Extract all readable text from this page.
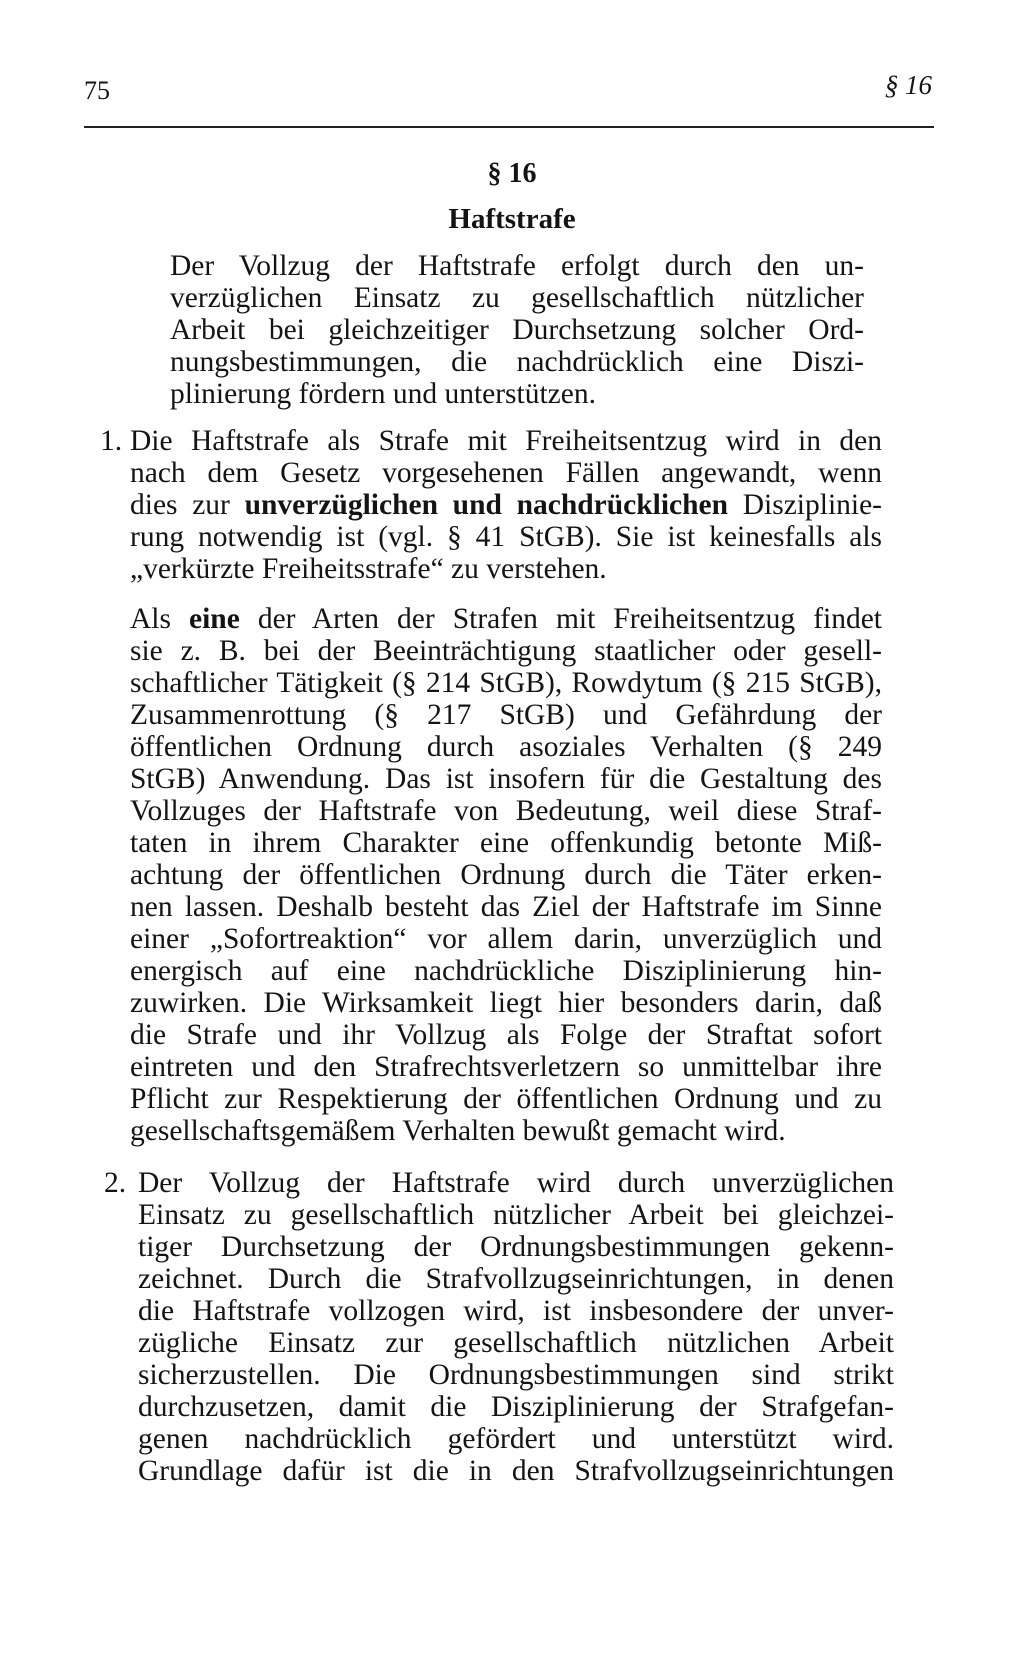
75	§ 16
§ 16
Haftstrafe
Der Vollzug der Haftstrafe erfolgt durch den un-
verzüglichen Einsatz zu gesellschaftlich nützlicher
Arbeit bei gleichzeitiger Durchsetzung solcher Ord-
nungsbestimmungen, die nachdrücklich eine Diszi-
plinierung fördern und unterstützen.
1. Die Haftstrafe als Strafe mit Freiheitsentzug wird in den
nach dem Gesetz vorgesehenen Fällen angewandt, wenn
dies zur unverzüglichen und nachdrücklichen Disziplinie-
rung notwendig ist (vgl. § 41 StGB). Sie ist keinesfalls als
„verkürzte Freiheitsstrafe“ zu verstehen.

Als eine der Arten der Strafen mit Freiheitsentzug findet
sie z. B. bei der Beeinträchtigung staatlicher oder gesell-
schaftlicher Tätigkeit (§ 214 StGB), Rowdytum (§ 215 StGB),
Zusammenrottung (§ 217 StGB) und Gefährdung der
öffentlichen Ordnung durch asoziales Verhalten (§ 249
StGB) Anwendung. Das ist insofern für die Gestaltung des
Vollzuges der Haftstrafe von Bedeutung, weil diese Straf-
taten in ihrem Charakter eine offenkundig betonte Miß-
achtung der öffentlichen Ordnung durch die Täter erken-
nen lassen. Deshalb besteht das Ziel der Haftstrafe im Sinne
einer „Sofortreaktion“ vor allem darin, unverzüglich und
energisch auf eine nachdrückliche Disziplinierung hin-
zuwirken. Die Wirksamkeit liegt hier besonders darin, daß
die Strafe und ihr Vollzug als Folge der Straftat sofort
eintreten und den Strafrechtsverletzern so unmittelbar ihre
Pflicht zur Respektierung der öffentlichen Ordnung und zu
gesellschaftsgemäßem Verhalten bewußt gemacht wird.

2. Der Vollzug der Haftstrafe wird durch unverzüglichen
Einsatz zu gesellschaftlich nützlicher Arbeit bei gleichzei-
tiger Durchsetzung der Ordnungsbestimmungen gekenn-
zeichnet. Durch die Strafvollzugseinrichtungen, in denen
die Haftstrafe vollzogen wird, ist insbesondere der unver-
zügliche Einsatz zur gesellschaftlich nützlichen Arbeit
sicherzustellen. Die Ordnungsbestimmungen sind strikt
durchzusetzen, damit die Disziplinierung der Strafgefan-
genen nachdrücklich gefördert und unterstützt wird.
Grundlage dafür ist die in den Strafvollzugseinrichtungen
